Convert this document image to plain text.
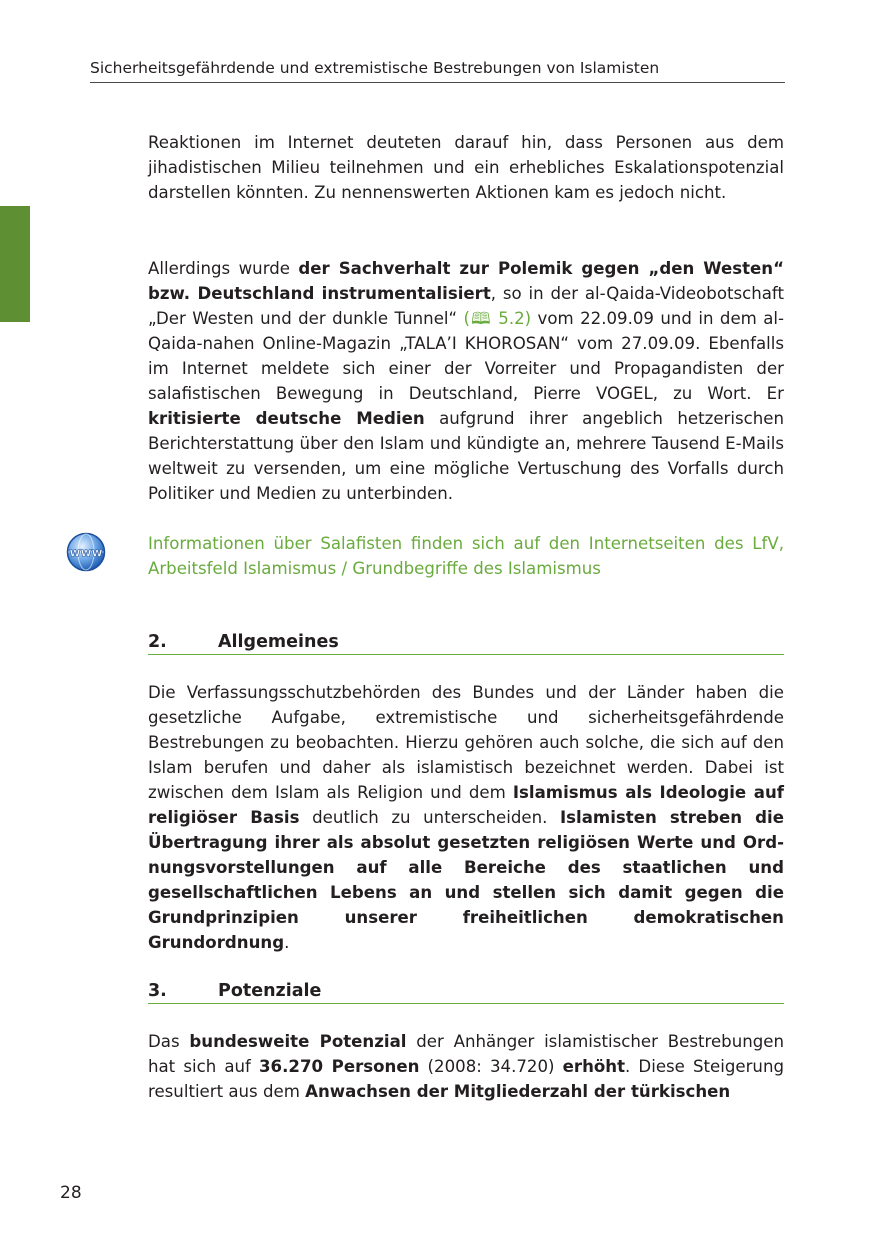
Sicherheitsgefährdende und extremistische Bestrebungen von Islamisten

Reaktionen im Internet deuteten darauf hin, dass Personen aus dem jihadistischen Milieu teilnehmen und ein erhebliches Eskalationspotenzial darstellen könnten. Zu nennenswerten Aktionen kam es jedoch nicht.

Allerdings wurde der Sachverhalt zur Polemik gegen „den Westen“ bzw. Deutschland instrumentalisiert, so in der al-Qaida-Videobotschaft „Der Westen und der dunkle Tunnel“ (🕮 5.2) vom 22.09.09 und in dem al-Qaida-nahen Online-Magazin „TALA’I KHOROSAN“ vom 27.09.09. Ebenfalls im Internet meldete sich einer der Vorreiter und Propagandisten der salafistischen Bewegung in Deutschland, Pierre VOGEL, zu Wort. Er kritisierte deutsche Medien aufgrund ihrer angeblich hetzerischen Berichterstattung über den Islam und kündigte an, mehrere Tausend E-Mails weltweit zu versenden, um eine mögliche Vertuschung des Vorfalls durch Politiker und Medien zu unterbinden.

www	Informationen über Salafisten finden sich auf den Internetseiten des LfV, Arbeitsfeld Islamismus / Grundbegriffe des Islamismus

2.	Allgemeines

Die Verfassungsschutzbehörden des Bundes und der Länder haben die gesetzliche Aufgabe, extremistische und sicherheitsgefährdende Bestrebungen zu beobachten. Hierzu gehören auch solche, die sich auf den Islam berufen und daher als islamistisch bezeichnet werden. Dabei ist zwischen dem Islam als Religion und dem Islamismus als Ideologie auf religiöser Basis deutlich zu unterscheiden. Islamisten streben die Übertragung ihrer als absolut gesetzten religiösen Werte und Ordnungsvorstellungen auf alle Bereiche des staatlichen und gesellschaftlichen Lebens an und stellen sich damit gegen die Grundprinzipien unserer freiheitlichen demokratischen Grundordnung.

3.	Potenziale

Das bundesweite Potenzial der Anhänger islamistischer Bestrebungen hat sich auf 36.270 Personen (2008: 34.720) erhöht. Diese Steigerung resultiert aus dem Anwachsen der Mitgliederzahl der türkischen

28
